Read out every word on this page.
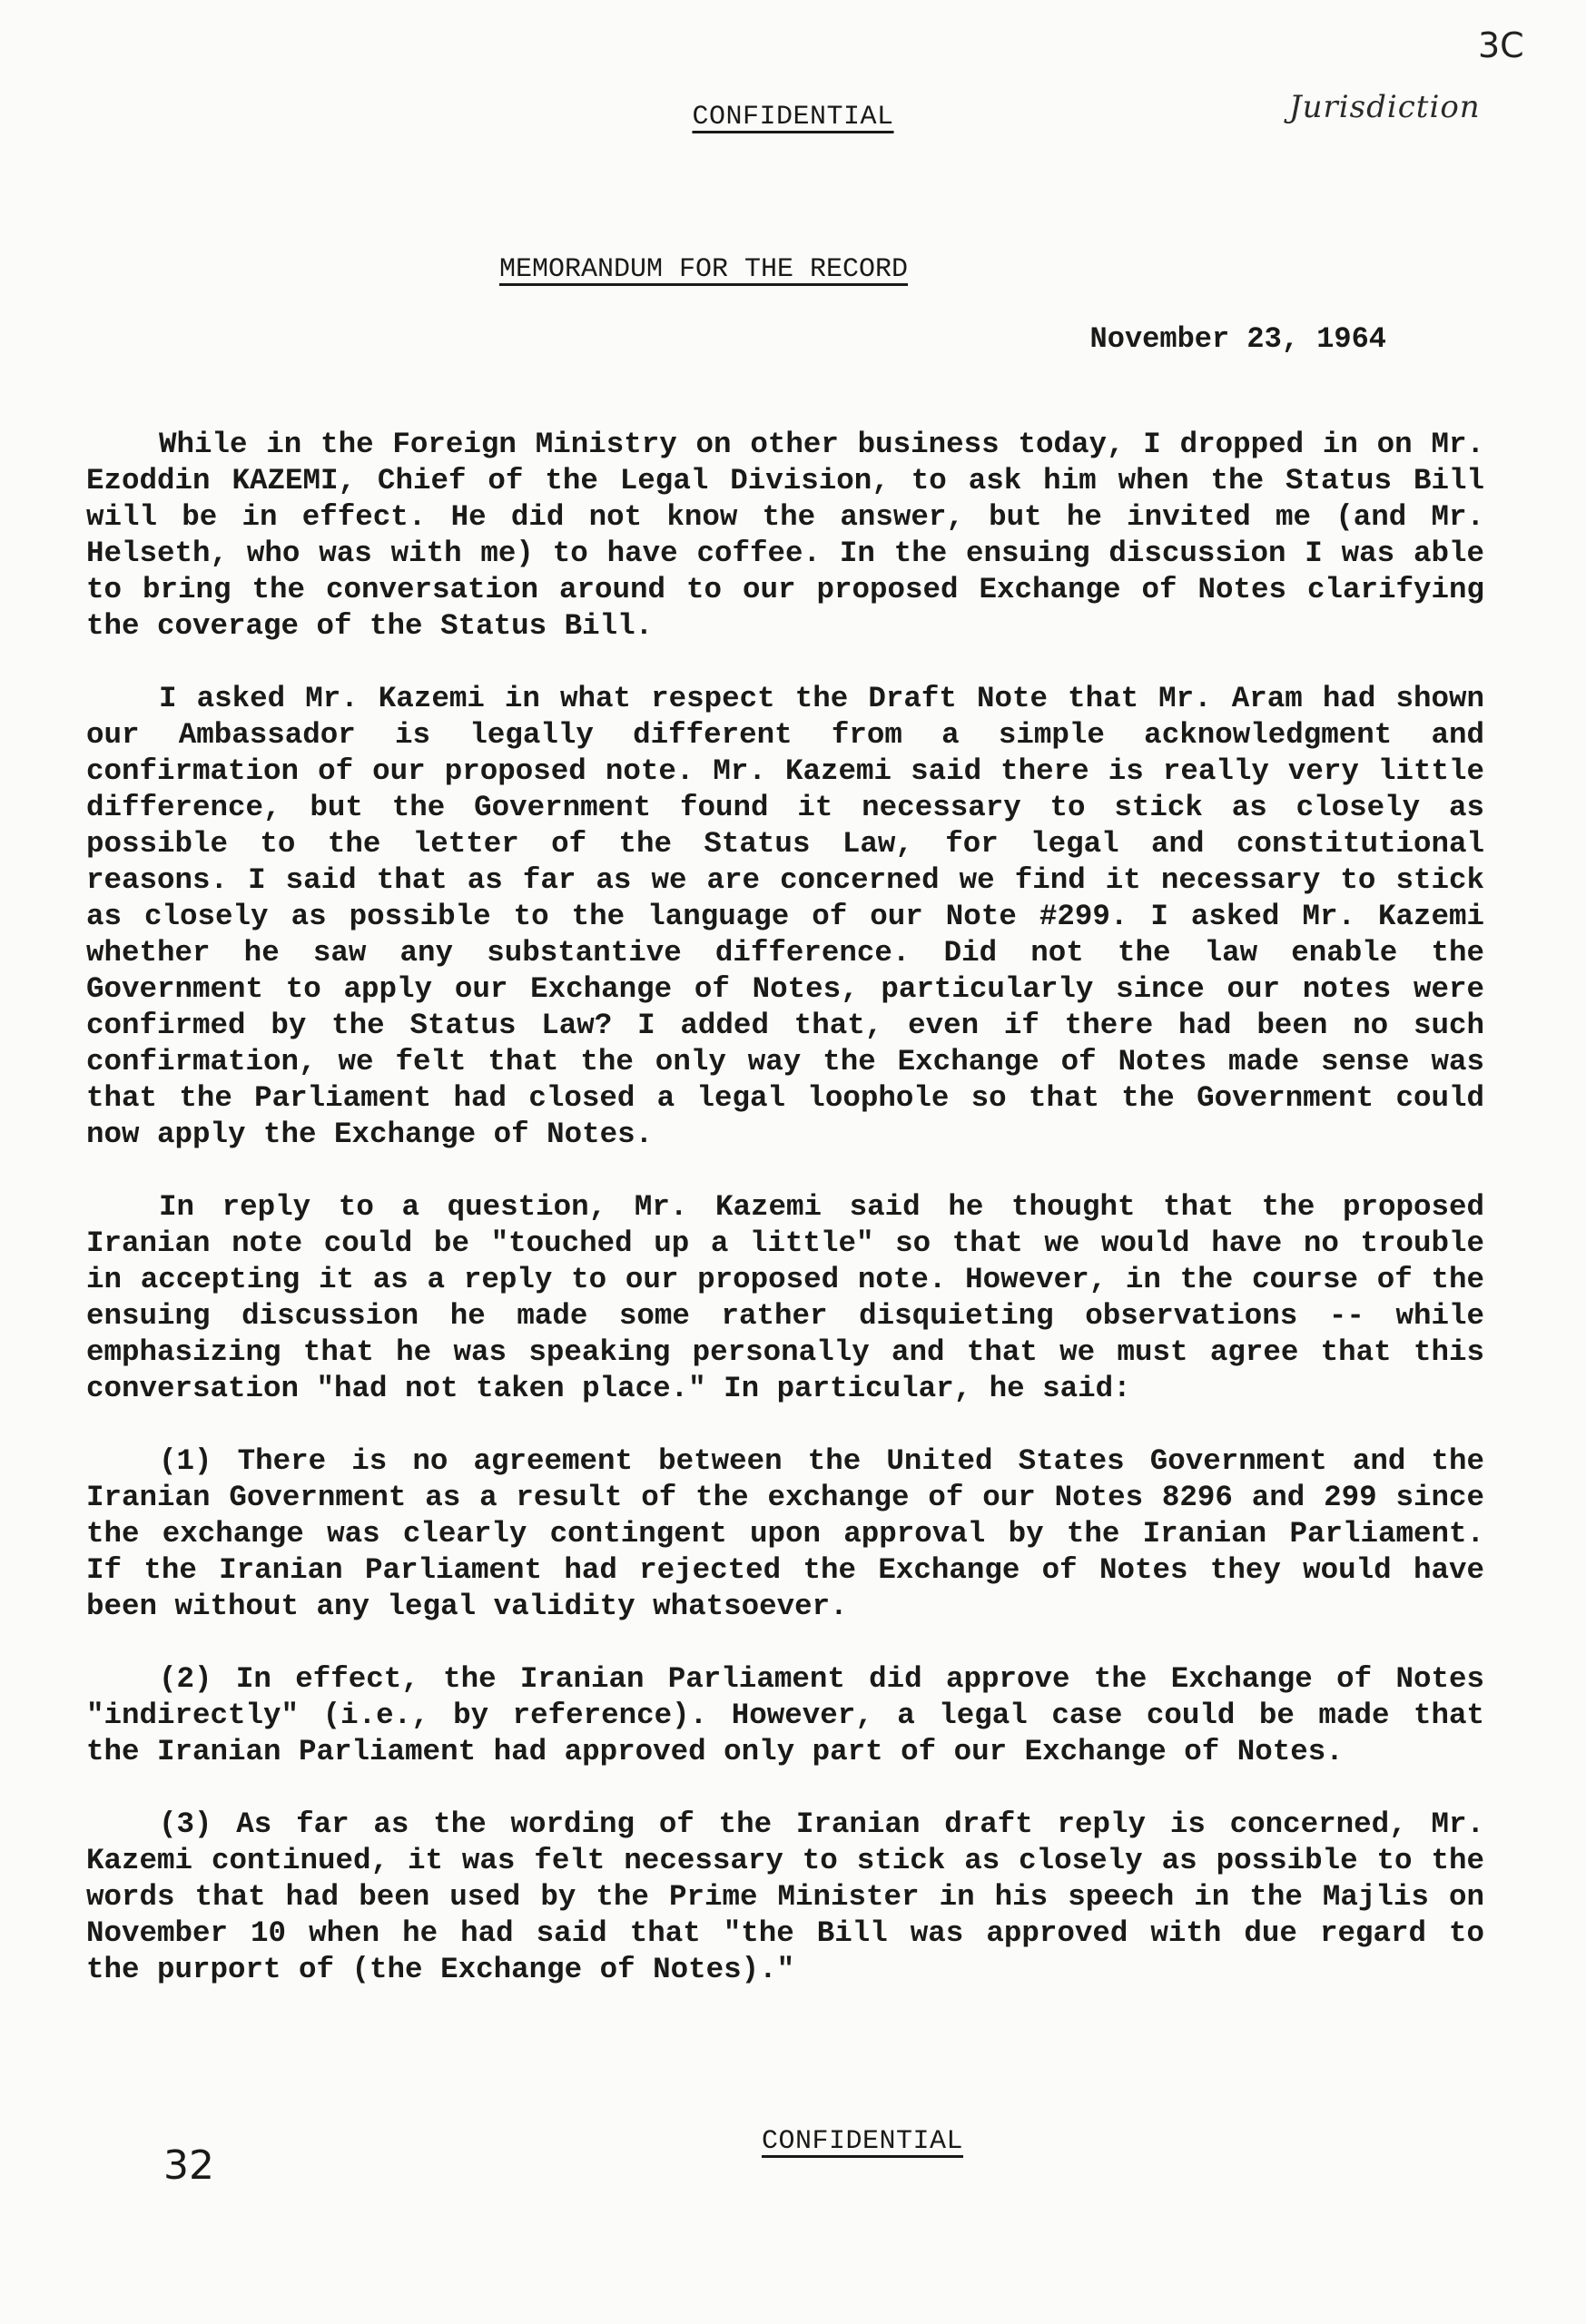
3C
Jurisdiction
CONFIDENTIAL
MEMORANDUM FOR THE RECORD
November 23, 1964

While in the Foreign Ministry on other business today, I dropped in on Mr. Ezoddin KAZEMI, Chief of the Legal Division, to ask him when the Status Bill will be in effect. He did not know the answer, but he invited me (and Mr. Helseth, who was with me) to have coffee. In the ensuing discussion I was able to bring the conversation around to our proposed Exchange of Notes clarifying the coverage of the Status Bill.

I asked Mr. Kazemi in what respect the Draft Note that Mr. Aram had shown our Ambassador is legally different from a simple acknowledgment and confirmation of our proposed note. Mr. Kazemi said there is really very little difference, but the Government found it necessary to stick as closely as possible to the letter of the Status Law, for legal and constitutional reasons. I said that as far as we are concerned we find it necessary to stick as closely as possible to the language of our Note #299. I asked Mr. Kazemi whether he saw any substantive difference. Did not the law enable the Government to apply our Exchange of Notes, particularly since our notes were confirmed by the Status Law? I added that, even if there had been no such confirmation, we felt that the only way the Exchange of Notes made sense was that the Parliament had closed a legal loophole so that the Government could now apply the Exchange of Notes.

In reply to a question, Mr. Kazemi said he thought that the proposed Iranian note could be "touched up a little" so that we would have no trouble in accepting it as a reply to our proposed note. However, in the course of the ensuing discussion he made some rather disquieting observations -- while emphasizing that he was speaking personally and that we must agree that this conversation "had not taken place." In particular, he said:

(1) There is no agreement between the United States Government and the Iranian Government as a result of the exchange of our Notes 8296 and 299 since the exchange was clearly contingent upon approval by the Iranian Parliament. If the Iranian Parliament had rejected the Exchange of Notes they would have been without any legal validity whatsoever.

(2) In effect, the Iranian Parliament did approve the Exchange of Notes "indirectly" (i.e., by reference). However, a legal case could be made that the Iranian Parliament had approved only part of our Exchange of Notes.

(3) As far as the wording of the Iranian draft reply is concerned, Mr. Kazemi continued, it was felt necessary to stick as closely as possible to the words that had been used by the Prime Minister in his speech in the Majlis on November 10 when he had said that "the Bill was approved with due regard to the purport of (the Exchange of Notes)."

CONFIDENTIAL
32
